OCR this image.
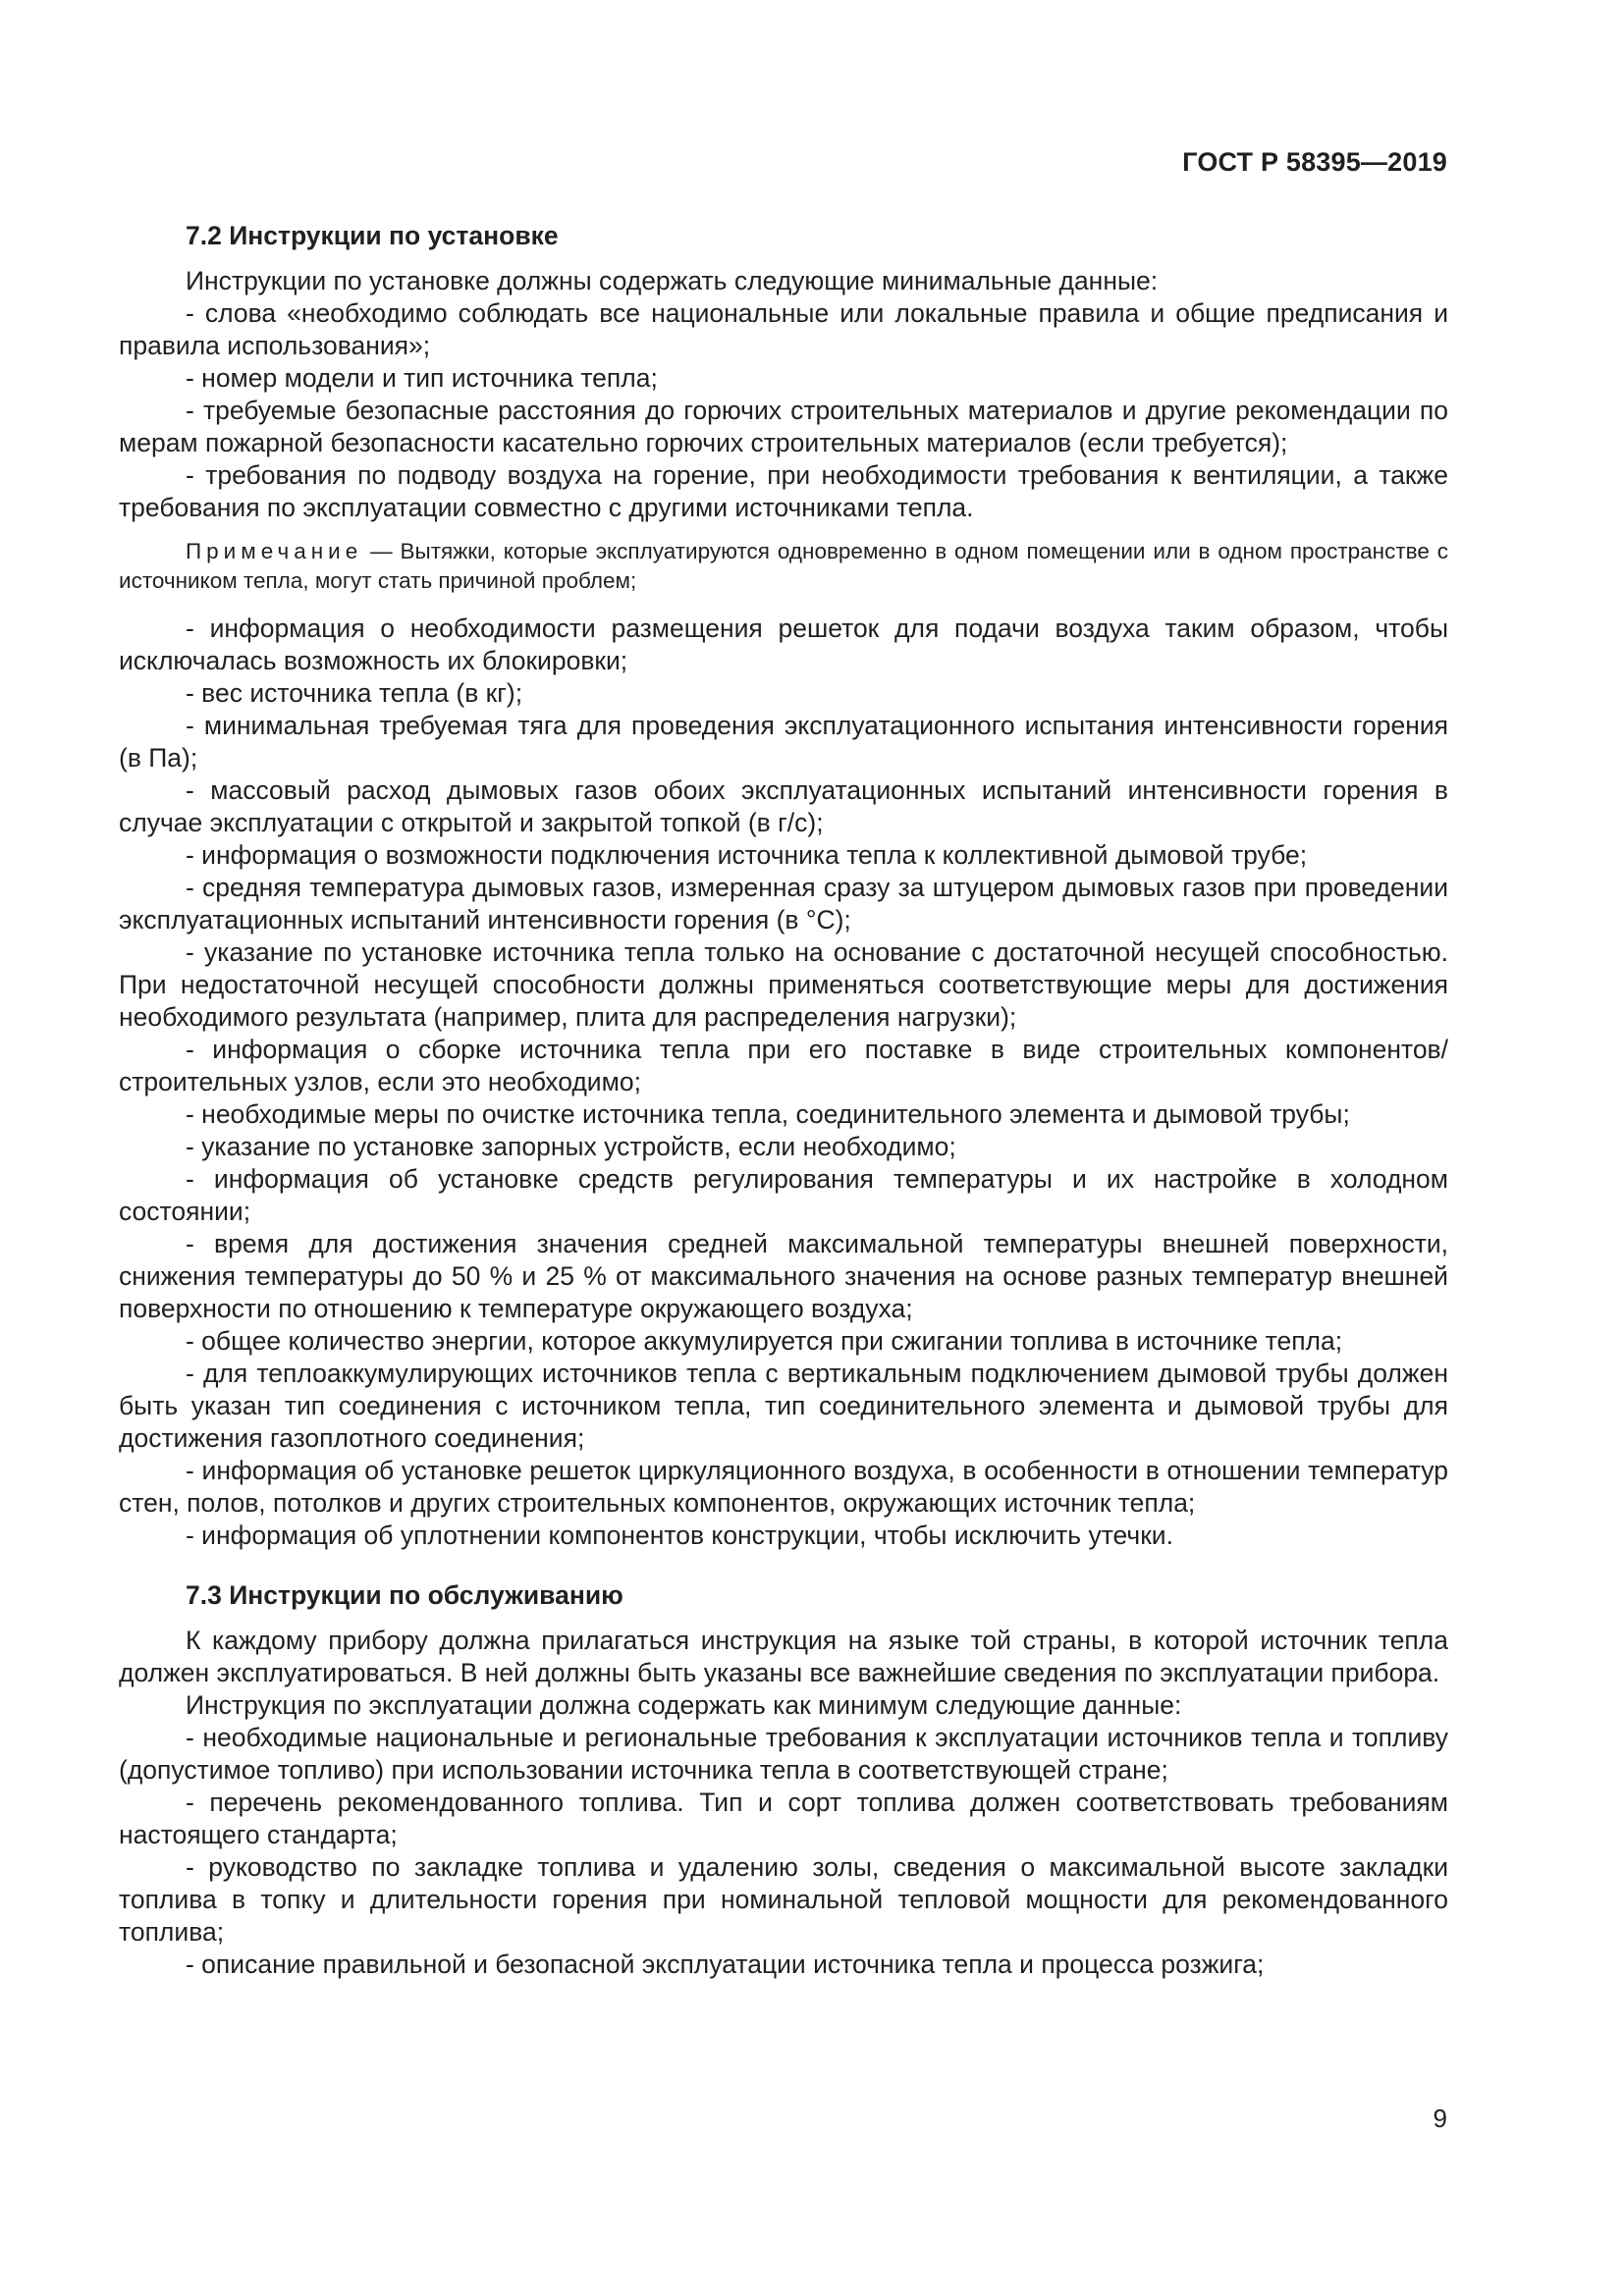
ГОСТ Р 58395—2019
7.2 Инструкции по установке

Инструкции по установке должны содержать следующие минимальные данные:

- слова «необходимо соблюдать все национальные или локальные правила и общие предписания и правила использования»;

- номер модели и тип источника тепла;

- требуемые безопасные расстояния до горючих строительных материалов и другие рекомендации по мерам пожарной безопасности касательно горючих строительных материалов (если требуется);

- требования по подводу воздуха на горение, при необходимости требования к вентиляции, а также требования по эксплуатации совместно с другими источниками тепла.

Примечание — Вытяжки, которые эксплуатируются одновременно в одном помещении или в одном пространстве с источником тепла, могут стать причиной проблем;

- информация о необходимости размещения решеток для подачи воздуха таким образом, чтобы исключалась возможность их блокировки;

- вес источника тепла (в кг);

- минимальная требуемая тяга для проведения эксплуатационного испытания интенсивности горения (в Па);

- массовый расход дымовых газов обоих эксплуатационных испытаний интенсивности горения в случае эксплуатации с открытой и закрытой топкой (в г/с);

- информация о возможности подключения источника тепла к коллективной дымовой трубе;

- средняя температура дымовых газов, измеренная сразу за штуцером дымовых газов при проведении эксплуатационных испытаний интенсивности горения (в °С);

- указание по установке источника тепла только на основание с достаточной несущей способностью. При недостаточной несущей способности должны применяться соответствующие меры для достижения необходимого результата (например, плита для распределения нагрузки);

- информация о сборке источника тепла при его поставке в виде строительных компонентов/строительных узлов, если это необходимо;

- необходимые меры по очистке источника тепла, соединительного элемента и дымовой трубы;

- указание по установке запорных устройств, если необходимо;

- информация об установке средств регулирования температуры и их настройке в холодном состоянии;

- время для достижения значения средней максимальной температуры внешней поверхности, снижения температуры до 50 % и 25 % от максимального значения на основе разных температур внешней поверхности по отношению к температуре окружающего воздуха;

- общее количество энергии, которое аккумулируется при сжигании топлива в источнике тепла;

- для теплоаккумулирующих источников тепла с вертикальным подключением дымовой трубы должен быть указан тип соединения с источником тепла, тип соединительного элемента и дымовой трубы для достижения газоплотного соединения;

- информация об установке решеток циркуляционного воздуха, в особенности в отношении температур стен, полов, потолков и других строительных компонентов, окружающих источник тепла;

- информация об уплотнении компонентов конструкции, чтобы исключить утечки.

7.3 Инструкции по обслуживанию

К каждому прибору должна прилагаться инструкция на языке той страны, в которой источник тепла должен эксплуатироваться. В ней должны быть указаны все важнейшие сведения по эксплуатации прибора.

Инструкция по эксплуатации должна содержать как минимум следующие данные:

- необходимые национальные и региональные требования к эксплуатации источников тепла и топливу (допустимое топливо) при использовании источника тепла в соответствующей стране;

- перечень рекомендованного топлива. Тип и сорт топлива должен соответствовать требованиям настоящего стандарта;

- руководство по закладке топлива и удалению золы, сведения о максимальной высоте закладки топлива в топку и длительности горения при номинальной тепловой мощности для рекомендованного топлива;

- описание правильной и безопасной эксплуатации источника тепла и процесса розжига;

9
